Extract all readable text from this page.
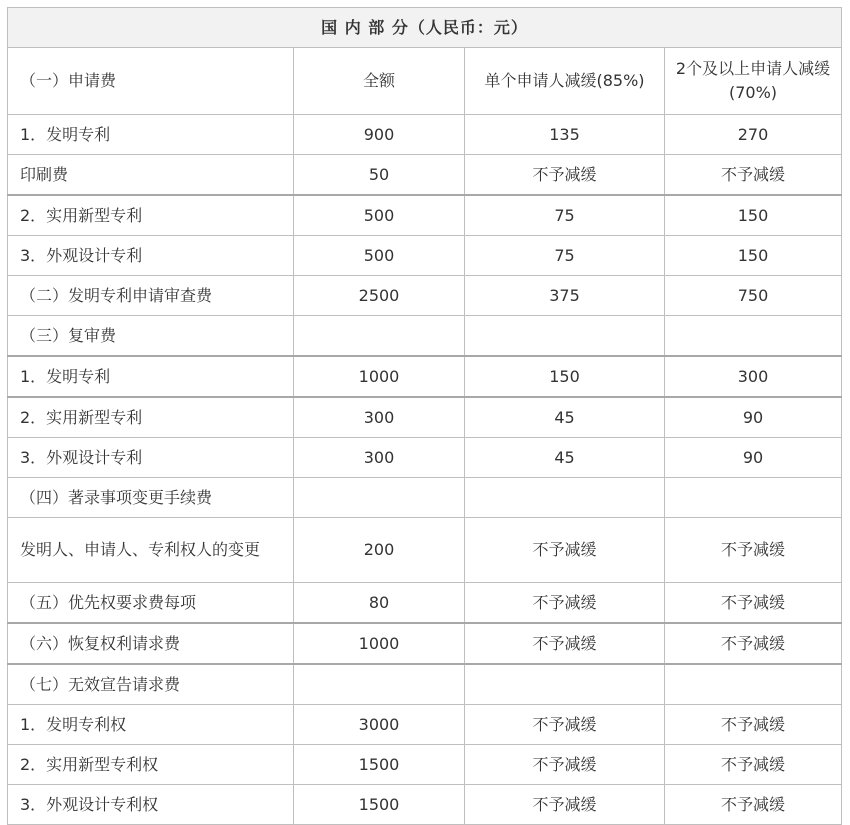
国 内 部 分（人民币：元）			
（一）申请费	全额	单个申请人减缓(85%)	2个及以上申请人减缓(70%)
1．发明专利	900	135	270
印刷费	50	不予减缓	不予减缓
2．实用新型专利	500	75	150
3．外观设计专利	500	75	150
（二）发明专利申请审查费	2500	375	750
（三）复审费			
1．发明专利	1000	150	300
2．实用新型专利	300	45	90
3．外观设计专利	300	45	90
（四）著录事项变更手续费			
发明人、申请人、专利权人的变更	200	不予减缓	不予减缓
（五）优先权要求费每项	80	不予减缓	不予减缓
（六）恢复权利请求费	1000	不予减缓	不予减缓
（七）无效宣告请求费			
1．发明专利权	3000	不予减缓	不予减缓
2．实用新型专利权	1500	不予减缓	不予减缓
3．外观设计专利权	1500	不予减缓	不予减缓
